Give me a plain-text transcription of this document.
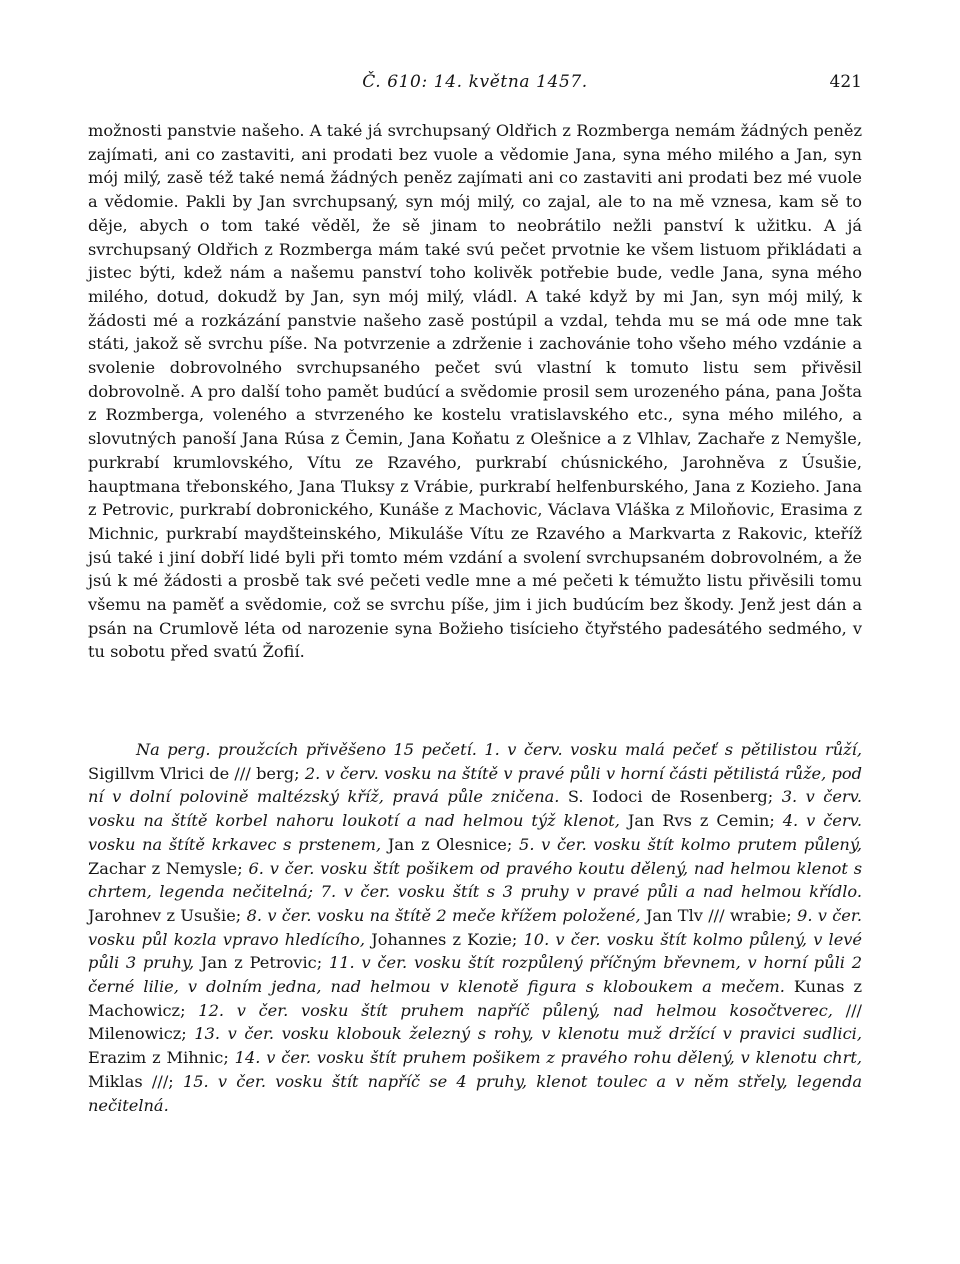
Č. 610: 14. května 1457.	421

možnosti panstvie našeho. A také já svrchupsaný Oldřich z Rozmberga nemám žádných peněz zajímati, ani co zastaviti, ani prodati bez vuole a vědomie Jana, syna mého milého a Jan, syn mój milý, zasě též také nemá žádných peněz zajímati ani co zastaviti ani prodati bez mé vuole a vědomie. Pakli by Jan svrchupsaný, syn mój milý, co zajal, ale to na mě vznesa, kam sě to děje, abych o tom také věděl, že sě jinam to neobrátilo nežli panství k užitku. A já svrchupsaný Oldřich z Rozmberga mám také svú pečet prvotnie ke všem listuom přikládati a jistec býti, kdež nám a našemu panství toho kolivěk potřebie bude, vedle Jana, syna mého milého, dotud, dokudž by Jan, syn mój milý, vládl. A také když by mi Jan, syn mój milý, k žádosti mé a rozkázání panstvie našeho zasě postúpil a vzdal, tehda mu se má ode mne tak státi, jakož sě svrchu píše. Na potvrzenie a zdrženie i zachovánie toho všeho mého vzdánie a svolenie dobrovolného svrchupsaného pečet svú vlastní k tomuto listu sem přivěsil dobrovolně. A pro další toho pamět budúcí a svědomie prosil sem urozeného pána, pana Jošta z Rozmberga, voleného a stvrzeného ke kostelu vratislavského etc., syna mého milého, a slovutných panoší Jana Rúsa z Čemin, Jana Koňatu z Olešnice a z Vlhlav, Zachaře z Nemyšle, purkrabí krumlovského, Vítu ze Rzavého, purkrabí chúsnického, Jarohněva z Úsušie, hauptmana třebonského, Jana Tluksy z Vrábie, purkrabí helfenburského, Jana z Kozieho. Jana z Petrovic, purkrabí dobronického, Kunáše z Machovic, Václava Vláška z Miloňovic, Erasima z Michnic, purkrabí maydšteinského, Mikuláše Vítu ze Rzavého a Markvarta z Rakovic, kteříž jsú také i jiní dobří lidé byli při tomto mém vzdání a svolení svrchupsaném dobrovolném, a že jsú k mé žádosti a prosbě tak své pečeti vedle mne a mé pečeti k témužto listu přivěsili tomu všemu na paměť a svědomie, což se svrchu píše, jim i jich budúcím bez škody. Jenž jest dán a psán na Crumlově léta od narozenie syna Božieho tisícieho čtyřstého padesátého sedmého, v tu sobotu před svatú Žofií.

Na perg. proužcích přivěšeno 15 pečetí. 1. v červ. vosku malá pečeť s pětilistou růží, Sigillvm Vlrici de /// berg; 2. v červ. vosku na štítě v pravé půli v horní části pětilistá růže, pod ní v dolní polovině maltézský kříž, pravá půle zničena. S. Iodoci de Rosenberg; 3. v červ. vosku na štítě korbel nahoru loukotí a nad helmou týž klenot, Jan Rvs z Cemin; 4. v červ. vosku na štítě krkavec s prstenem, Jan z Olesnice; 5. v čer. vosku štít kolmo prutem půlený, Zachar z Nemysle; 6. v čer. vosku štít pošikem od pravého koutu dělený, nad helmou klenot s chrtem, legenda nečitelná; 7. v čer. vosku štít s 3 pruhy v pravé půli a nad helmou křídlo. Jarohnev z Usušie; 8. v čer. vosku na štítě 2 meče křížem položené, Jan Tlv /// wrabie; 9. v čer. vosku půl kozla vpravo hledícího, Johannes z Kozie; 10. v čer. vosku štít kolmo půlený, v levé půli 3 pruhy, Jan z Petrovic; 11. v čer. vosku štít rozpůlený příčným břevnem, v horní půli 2 černé lilie, v dolním jedna, nad helmou v klenotě figura s kloboukem a mečem. Kunas z Machowicz; 12. v čer. vosku štít pruhem napříč půlený, nad helmou kosočtverec, /// Milenowicz; 13. v čer. vosku klobouk železný s rohy, v klenotu muž držící v pravici sudlici, Erazim z Mihnic; 14. v čer. vosku štít pruhem pošikem z pravého rohu dělený, v klenotu chrt, Miklas ///; 15. v čer. vosku štít napříč se 4 pruhy, klenot toulec a v něm střely, legenda nečitelná.
